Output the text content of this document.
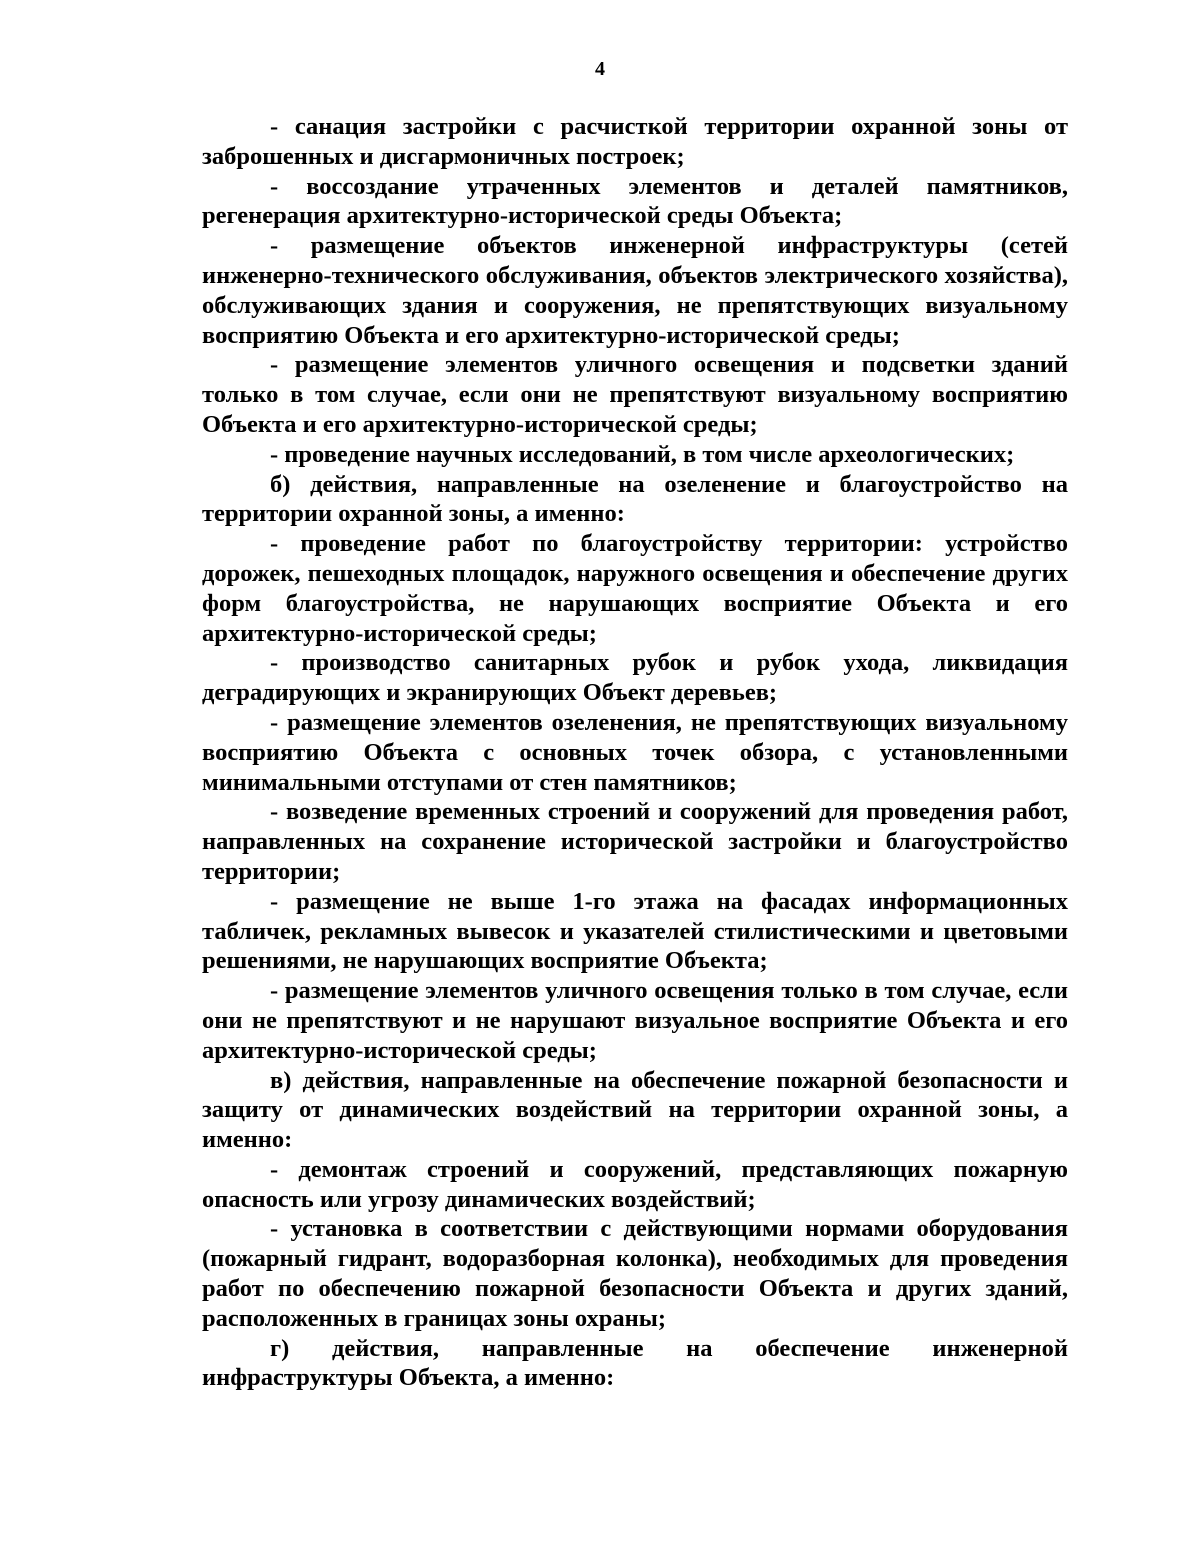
4

- санация застройки с расчисткой территории охранной зоны от заброшенных и дисгармоничных построек;

- воссоздание утраченных элементов и деталей памятников, регенерация архитектурно-исторической среды Объекта;

- размещение объектов инженерной инфраструктуры (сетей инженерно-технического обслуживания, объектов электрического хозяйства), обслуживающих здания и сооружения, не препятствующих визуальному восприятию Объекта и его архитектурно-исторической среды;

- размещение элементов уличного освещения и подсветки зданий только в том случае, если они не препятствуют визуальному восприятию Объекта и его архитектурно-исторической среды;

- проведение научных исследований, в том числе археологических;

б) действия, направленные на озеленение и благоустройство на территории охранной зоны, а именно:

- проведение работ по благоустройству территории: устройство дорожек, пешеходных площадок, наружного освещения и обеспечение других форм благоустройства, не нарушающих восприятие Объекта и его архитектурно-исторической среды;

- производство санитарных рубок и рубок ухода, ликвидация деградирующих и экранирующих Объект деревьев;

- размещение элементов озеленения, не препятствующих визуальному восприятию Объекта с основных точек обзора, с установленными минимальными отступами от стен памятников;

- возведение временных строений и сооружений для проведения работ, направленных на сохранение исторической застройки и благоустройство территории;

- размещение не выше 1-го этажа на фасадах информационных табличек, рекламных вывесок и указателей стилистическими и цветовыми решениями, не нарушающих восприятие Объекта;

- размещение элементов уличного освещения только в том случае, если они не препятствуют и не нарушают визуальное восприятие Объекта и его архитектурно-исторической среды;

в) действия, направленные на обеспечение пожарной безопасности и защиту от динамических воздействий на территории охранной зоны, а именно:

- демонтаж строений и сооружений, представляющих пожарную опасность или угрозу динамических воздействий;

- установка в соответствии с действующими нормами оборудования (пожарный гидрант, водоразборная колонка), необходимых для проведения работ по обеспечению пожарной безопасности Объекта и других зданий, расположенных в границах зоны охраны;

г) действия, направленные на обеспечение инженерной инфраструктуры Объекта, а именно:
